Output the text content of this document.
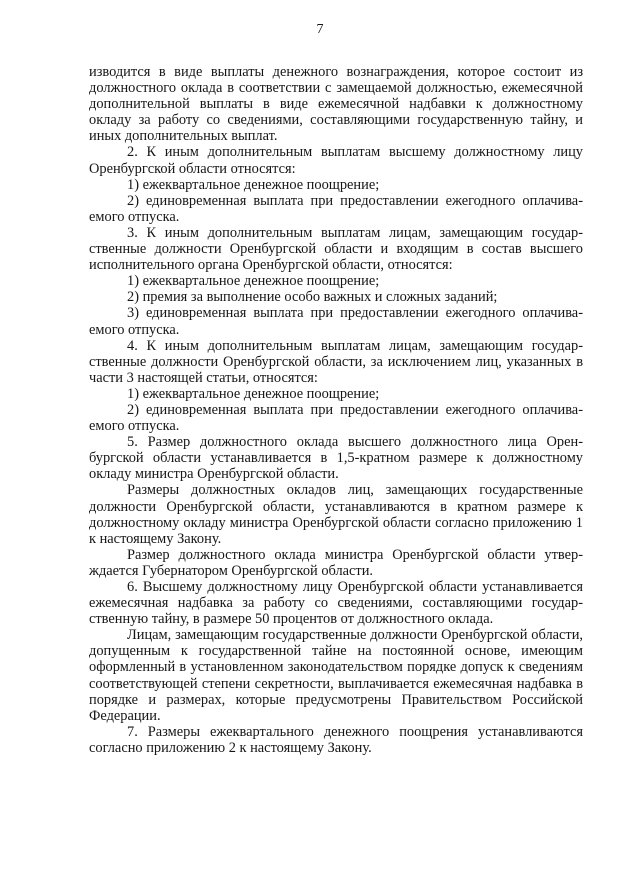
7

изводится в виде выплаты денежного вознаграждения, которое состоит из должностного оклада в соответствии с замещаемой должностью, ежемесячной дополнительной выплаты в виде ежемесячной надбавки к должностному окладу за работу со сведениями, составляющими государственную тайну, и иных дополнительных выплат.

2. К иным дополнительным выплатам высшему должностному лицу Оренбургской области относятся:

1) ежеквартальное денежное поощрение;

2) единовременная выплата при предоставлении ежегодного оплачиваемого отпуска.

3. К иным дополнительным выплатам лицам, замещающим государственные должности Оренбургской области и входящим в состав высшего исполнительного органа Оренбургской области, относятся:

1) ежеквартальное денежное поощрение;

2) премия за выполнение особо важных и сложных заданий;

3) единовременная выплата при предоставлении ежегодного оплачиваемого отпуска.

4. К иным дополнительным выплатам лицам, замещающим государственные должности Оренбургской области, за исключением лиц, указанных в части 3 настоящей статьи, относятся:

1) ежеквартальное денежное поощрение;

2) единовременная выплата при предоставлении ежегодного оплачиваемого отпуска.

5. Размер должностного оклада высшего должностного лица Оренбургской области устанавливается в 1,5-кратном размере к должностному окладу министра Оренбургской области.

Размеры должностных окладов лиц, замещающих государственные должности Оренбургской области, устанавливаются в кратном размере к должностному окладу министра Оренбургской области согласно приложению 1 к настоящему Закону.

Размер должностного оклада министра Оренбургской области утверждается Губернатором Оренбургской области.

6. Высшему должностному лицу Оренбургской области устанавливается ежемесячная надбавка за работу со сведениями, составляющими государственную тайну, в размере 50 процентов от должностного оклада.

Лицам, замещающим государственные должности Оренбургской области, допущенным к государственной тайне на постоянной основе, имеющим оформленный в установленном законодательством порядке допуск к сведениям соответствующей степени секретности, выплачивается ежемесячная надбавка в порядке и размерах, которые предусмотрены Правительством Российской Федерации.

7. Размеры ежеквартального денежного поощрения устанавливаются согласно приложению 2 к настоящему Закону.
